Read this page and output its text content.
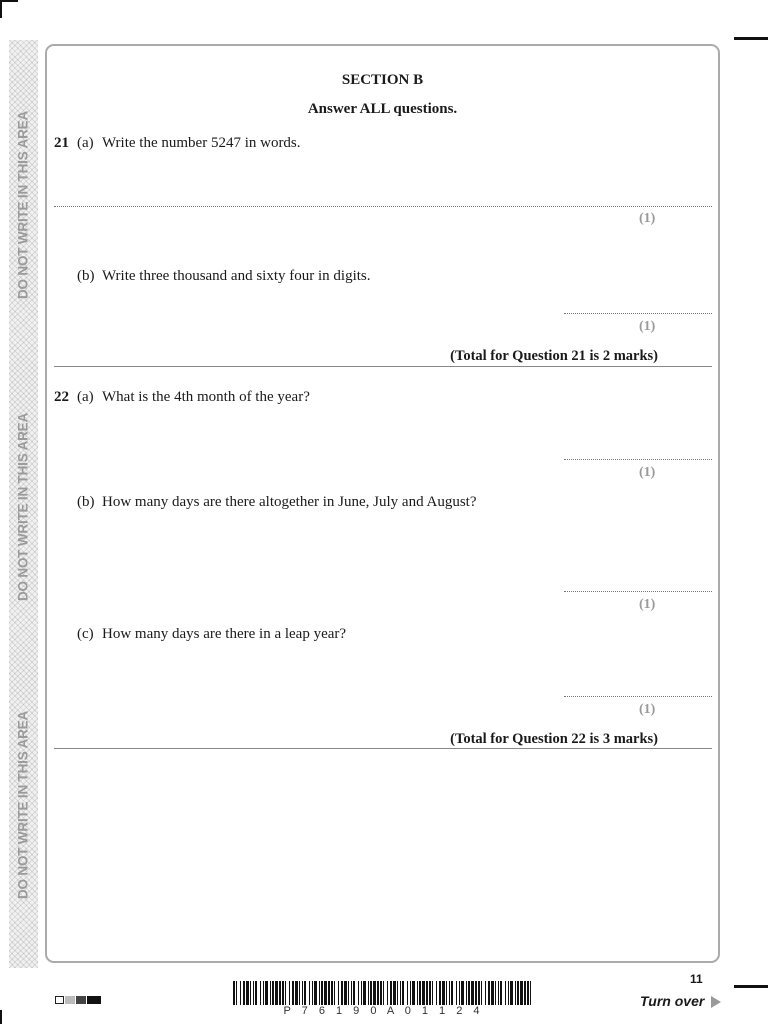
DO NOT WRITE IN THIS AREA
DO NOT WRITE IN THIS AREA
DO NOT WRITE IN THIS AREA
SECTION B
Answer ALL questions.
21 (a) Write the number 5247 in words.
(1)
(b) Write three thousand and sixty four in digits.
(1)
(Total for Question 21 is 2 marks)
22 (a) What is the 4th month of the year?
(1)
(b) How many days are there altogether in June, July and August?
(1)
(c) How many days are there in a leap year?
(1)
(Total for Question 22 is 3 marks)
P 7 6 1 9 0 A 0 1 1 2 4
11
Turn over
